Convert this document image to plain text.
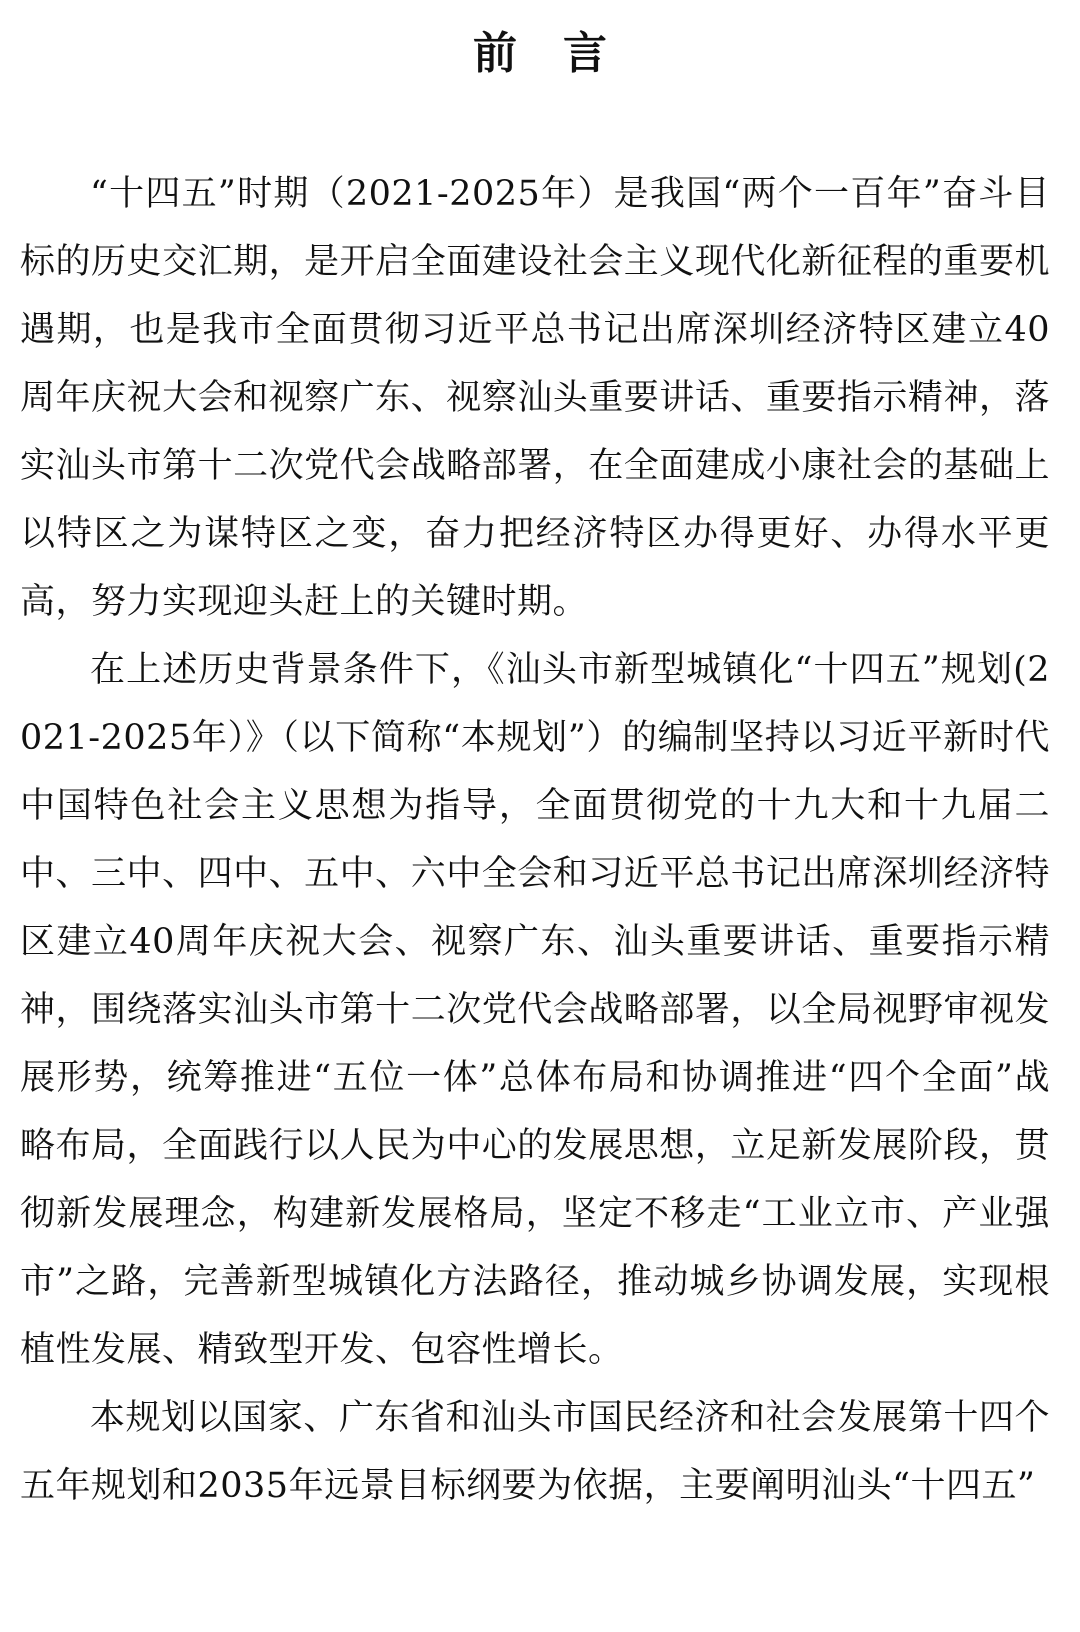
前言

“十四五”时期（2021-2025年）是我国“两个一百年”奋斗目标的历史交汇期，是开启全面建设社会主义现代化新征程的重要机遇期，也是我市全面贯彻习近平总书记出席深圳经济特区建立40周年庆祝大会和视察广东、视察汕头重要讲话、重要指示精神，落实汕头市第十二次党代会战略部署，在全面建成小康社会的基础上以特区之为谋特区之变，奋力把经济特区办得更好、办得水平更高，努力实现迎头赶上的关键时期。

在上述历史背景条件下，《汕头市新型城镇化“十四五”规划(2021-2025年）》（以下简称“本规划”）的编制坚持以习近平新时代中国特色社会主义思想为指导，全面贯彻党的十九大和十九届二中、三中、四中、五中、六中全会和习近平总书记出席深圳经济特区建立40周年庆祝大会、视察广东、汕头重要讲话、重要指示精神，围绕落实汕头市第十二次党代会战略部署，以全局视野审视发展形势，统筹推进“五位一体”总体布局和协调推进“四个全面”战略布局，全面践行以人民为中心的发展思想，立足新发展阶段，贯彻新发展理念，构建新发展格局，坚定不移走“工业立市、产业强市”之路，完善新型城镇化方法路径，推动城乡协调发展，实现根植性发展、精致型开发、包容性增长。

本规划以国家、广东省和汕头市国民经济和社会发展第十四个五年规划和2035年远景目标纲要为依据，主要阐明汕头“十四五”
